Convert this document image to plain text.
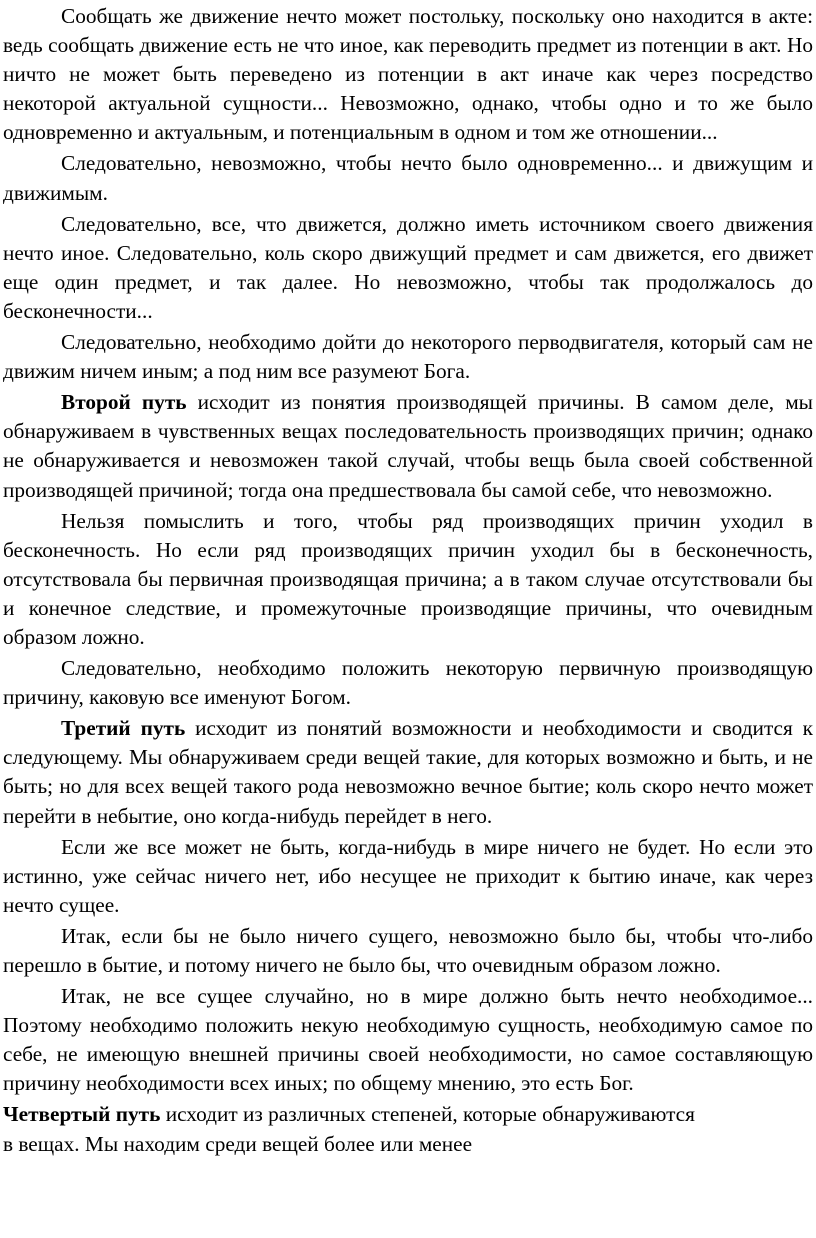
Сообщать же движение нечто может постольку, поскольку оно находится в акте: ведь сообщать движение есть не что иное, как переводить предмет из потенции в акт. Но ничто не может быть переведено из потенции в акт иначе как через посредство некоторой актуальной сущности... Невозможно, однако, чтобы одно и то же было одновременно и актуальным, и потенциальным в одном и том же отношении...

Следовательно, невозможно, чтобы нечто было одновременно... и движущим и движимым.

Следовательно, все, что движется, должно иметь источником своего движения нечто иное. Следовательно, коль скоро движущий предмет и сам движется, его движет еще один предмет, и так далее. Но невозможно, чтобы так продолжалось до бесконечности...

Следовательно, необходимо дойти до некоторого перводвигателя, который сам не движим ничем иным; а под ним все разумеют Бога.

Второй путь исходит из понятия производящей причины. В самом деле, мы обнаруживаем в чувственных вещах последовательность производящих причин; однако не обнаруживается и невозможен такой случай, чтобы вещь была своей собственной производящей причиной; тогда она предшествовала бы самой себе, что невозможно.

Нельзя помыслить и того, чтобы ряд производящих причин уходил в бесконечность. Но если ряд производящих причин уходил бы в бесконечность, отсутствовала бы первичная производящая причина; а в таком случае отсутствовали бы и конечное следствие, и промежуточные производящие причины, что очевидным образом ложно.

Следовательно, необходимо положить некоторую первичную производящую причину, каковую все именуют Богом.

Третий путь исходит из понятий возможности и необходимости и сводится к следующему. Мы обнаруживаем среди вещей такие, для которых возможно и быть, и не быть; но для всех вещей такого рода невозможно вечное бытие; коль скоро нечто может перейти в небытие, оно когда-нибудь перейдет в него.

Если же все может не быть, когда-нибудь в мире ничего не будет. Но если это истинно, уже сейчас ничего нет, ибо несущее не приходит к бытию иначе, как через нечто сущее.

Итак, если бы не было ничего сущего, невозможно было бы, чтобы что-либо перешло в бытие, и потому ничего не было бы, что очевидным образом ложно.

Итак, не все сущее случайно, но в мире должно быть нечто необходимое... Поэтому необходимо положить некую необходимую сущность, необходимую самое по себе, не имеющую внешней причины своей необходимости, но самое составляющую причину необходимости всех иных; по общему мнению, это есть Бог.

Четвертый путь исходит из различных степеней, которые обнаруживаются
в вещах. Мы находим среди вещей более или менее
